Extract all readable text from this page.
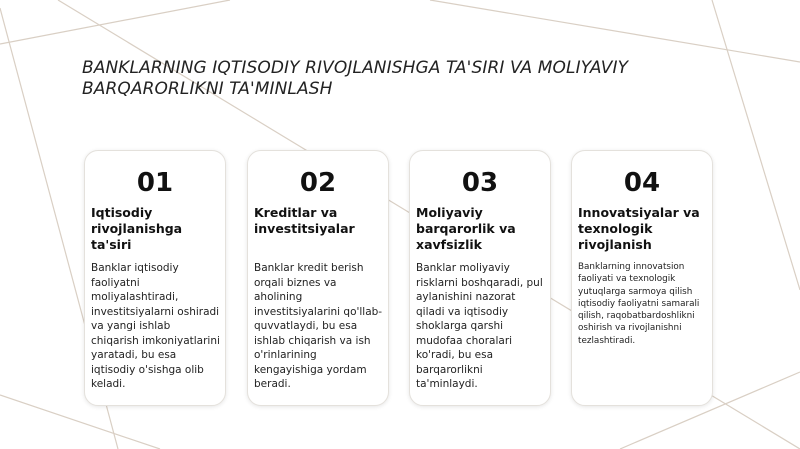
BANKLARNING IQTISODIY RIVOJLANISHGA TA'SIRI VA MOLIYAVIY BARQARORLIKNI TA'MINLASH
01
Iqtisodiy rivojlanishga ta'siri
Banklar iqtisodiy faoliyatni moliyalashtiradi, investitsiyalarni oshiradi va yangi ishlab chiqarish imkoniyatlarini yaratadi, bu esa iqtisodiy o'sishga olib keladi.
02
Kreditlar va investitsiyalar
Banklar kredit berish orqali biznes va aholining investitsiyalarini qo'llab-quvvatlaydi, bu esa ishlab chiqarish va ish o'rinlarining kengayishiga yordam beradi.
03
Moliyaviy barqarorlik va xavfsizlik
Banklar moliyaviy risklarni boshqaradi, pul aylanishini nazorat qiladi va iqtisodiy shoklarga qarshi mudofaa choralari ko'radi, bu esa barqarorlikni ta'minlaydi.
04
Innovatsiyalar va texnologik rivojlanish
Banklarning innovatsion faoliyati va texnologik yutuqlarga sarmoya qilish iqtisodiy faoliyatni samarali qilish, raqobatbardoshlikni oshirish va rivojlanishni tezlashtiradi.
